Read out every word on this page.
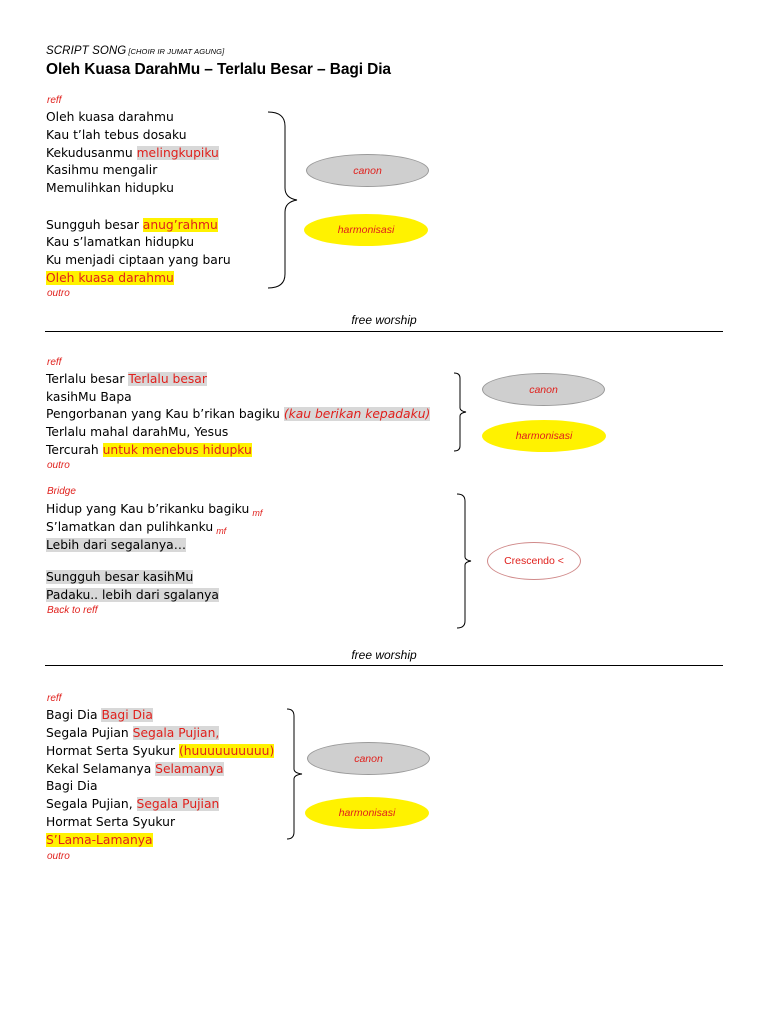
SCRIPT SONG [CHOIR IR JUMAT AGUNG]
Oleh Kuasa DarahMu – Terlalu Besar – Bagi Dia
reff
Oleh kuasa darahmu
Kau t’lah tebus dosaku
Kekudusanmu melingkupiku
Kasihmu mengalir
Memulihkan hidupku
Sungguh besar anug’rahmu
Kau s’lamatkan hidupku
Ku menjadi ciptaan yang baru
Oleh kuasa darahmu
outro
canon
harmonisasi
free worship
reff
Terlalu besar Terlalu besar
kasihMu Bapa
Pengorbanan yang Kau b’rikan bagiku (kau berikan kepadaku)
Terlalu mahal darahMu, Yesus
Tercurah untuk menebus hidupku
outro
canon
harmonisasi
Bridge
Hidup yang Kau b’rikanku bagiku $_{mf}$
S’lamatkan dan pulihkanku $_{mf}$
Lebih dari segalanya…
Sungguh besar kasihMu
Padaku.. lebih dari sgalanya
Back to reff
Crescendo <
free worship
reff
Bagi Dia Bagi Dia
Segala Pujian Segala Pujian,
Hormat Serta Syukur (huuuuuuuuuu)
Kekal Selamanya Selamanya
Bagi Dia
Segala Pujian, Segala Pujian
Hormat Serta Syukur
S’Lama-Lamanya
outro
canon
harmonisasi
